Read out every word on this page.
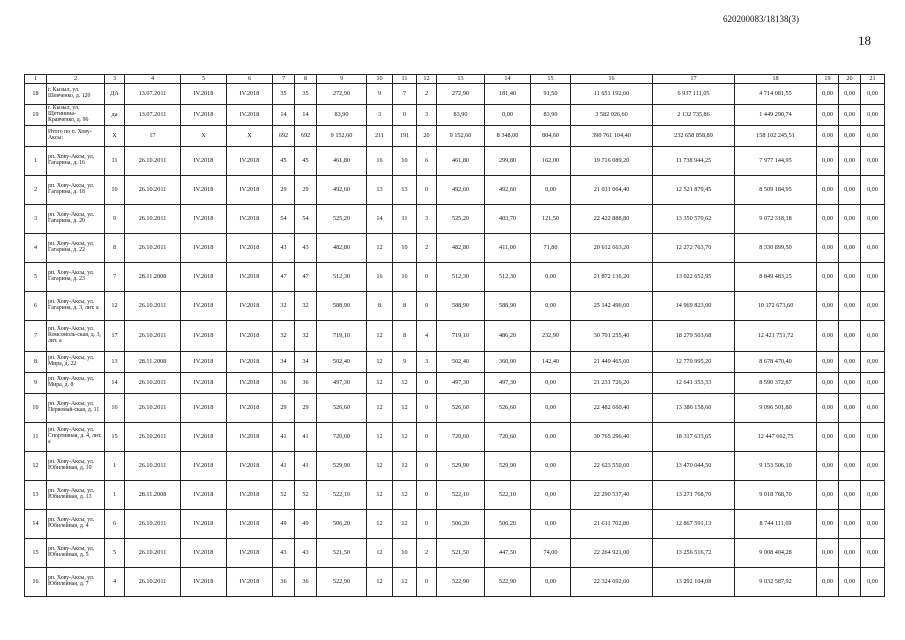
620200083/18138(3)
18
1	2	3	4	5	6	7	8	9	10	11	12	13	14	15	16	17	18	19	20	21
18	г. Кызыл, ул. Шевченко, д. 120	ДА	13.07.2011	IV.2018	IV.2018	35	35	272,90	9	7	2	272,90	181,40	91,50	11 651 192,60	6 937 111,05	4 714 081,55	0,00	0,00	0,00
19	г. Кызыл, ул. Щетинина-Кравченко, д. 96	да	13.07.2011	IV.2018	IV.2018	14	14	83,90	3	0	3	83,90	0,00	83,90	3 582 026,60	2 132 735,86	1 449 290,74	0,00	0,00	0,00
	Итого по п. Хову-Аксы:	Х	17	Х	Х	692	692	9 152,60	211	191	20	9 152,60	8 348,00	804,60	390 761 104,40	232 658 858,89	158 102 245,51	0,00	0,00	0,00
1	рп. Хову-Аксы, ул. Гагарина, д. 16	11	26.10.2011	IV.2018	IV.2018	45	45	461,80	16	10	6	461,80	299,80	162,00	19 716 089,20	11 738 944,25	7 977 144,95	0,00	0,00	0,00
2	рп. Хову-Аксы, ул. Гагарина, д. 18	10	26.10.2011	IV.2018	IV.2018	29	29	492,60	13	13	0	492,60	492,60	0,00	21 031 064,40	12 521 879,45	8 509 184,95	0,00	0,00	0,00
3	рп. Хову-Аксы, ул. Гагарина, д. 20	9	26.10.2011	IV.2018	IV.2018	54	54	525,20	14	11	3	525,20	403,70	121,50	22 422 888,80	13 350 570,62	9 072 318,18	0,00	0,00	0,00
4	рп. Хову-Аксы, ул. Гагарина, д. 22	8	26.10.2011	IV.2018	IV.2018	43	43	482,80	12	10	2	482,80	411,00	71,80	20 612 663,20	12 272 763,70	8 330 899,50	0,00	0,00	0,00
5	рп. Хову-Аксы, ул. Гагарина, д. 23	7	28.11.2008	IV.2018	IV.2018	47	47	512,30	16	16	0	512,30	512,30	0,00	21 872 136,20	13 022 652,95	8 849 483,25	0,00	0,00	0,00
6	рп. Хову-Аксы, ул. Гагарина, д. 3, лит. а	12	26.10.2011	IV.2018	IV.2018	32	32	588,90	8	8	0	588,90	588,90	0,00	25 142 496,60	14 969 823,00	10 172 673,60	0,00	0,00	0,00
7	рп. Хову-Аксы, ул. Комсомоль-ская, д. 3, лит. а	17	26.10.2011	IV.2018	IV.2018	32	32	719,10	12	8	4	719,10	486,20	232,90	30 701 255,40	18 279 503,68	12 421 751,72	0,00	0,00	0,00
8	рп. Хову-Аксы, ул. Мира, д. 22	13	28.11.2008	IV.2018	IV.2018	34	34	502,40	12	9	3	502,40	360,00	142,40	21 449 465,60	12 770 995,20	8 678 470,40	0,00	0,00	0,00
9	рп. Хову-Аксы, ул. Мира, д. 8	14	26.10.2011	IV.2018	IV.2018	36	36	497,30	12	12	0	497,30	497,30	0,00	21 231 726,20	12 641 353,33	8 590 372,87	0,00	0,00	0,00
10	рп. Хову-Аксы, ул. Первомай-ская, д. 11	16	26.10.2011	IV.2018	IV.2018	29	29	526,60	12	12	0	526,60	526,60	0,00	22 482 660,40	13 386 158,60	9 096 501,80	0,00	0,00	0,00
11	рп. Хову-Аксы, ул. Спортивная, д. 4, лит. а	15	26.10.2011	IV.2018	IV.2018	41	41	720,60	12	12	0	720,60	720,60	0,00	30 765 296,40	18 317 633,65	12 447 662,75	0,00	0,00	0,00
12	рп. Хову-Аксы, ул. Юбилейная, д. 10	1	26.10.2011	IV.2018	IV.2018	41	41	529,90	12	12	0	529,90	529,90	0,00	22 623 550,60	13 470 044,50	9 153 506,10	0,00	0,00	0,00
13	рп. Хову-Аксы, ул. Юбилейная, д. 13	1	28.11.2008	IV.2018	IV.2018	52	52	522,10	12	12	0	522,10	522,10	0,00	22 290 537,40	13 271 768,70	9 018 768,70	0,00	0,00	0,00
14	рп. Хову-Аксы, ул. Юбилейная, д. 4	6	26.10.2011	IV.2018	IV.2018	49	49	506,20	12	12	0	506,20	506,20	0,00	21 611 702,80	12 867 591,13	8 744 111,69	0,00	0,00	0,00
15	рп. Хову-Аксы, ул. Юбилейная, д. 5	5	26.10.2011	IV.2018	IV.2018	43	43	521,50	12	10	2	521,50	447,50	74,00	22 264 921,00	13 256 516,72	9 008 404,28	0,00	0,00	0,00
16	рп. Хову-Аксы, ул. Юбилейная, д. 7	4	26.10.2011	IV.2018	IV.2018	36	36	522,90	12	12	0	522,90	522,90	0,00	22 324 692,60	13 292 104,08	9 032 587,92	0,00	0,00	0,00
